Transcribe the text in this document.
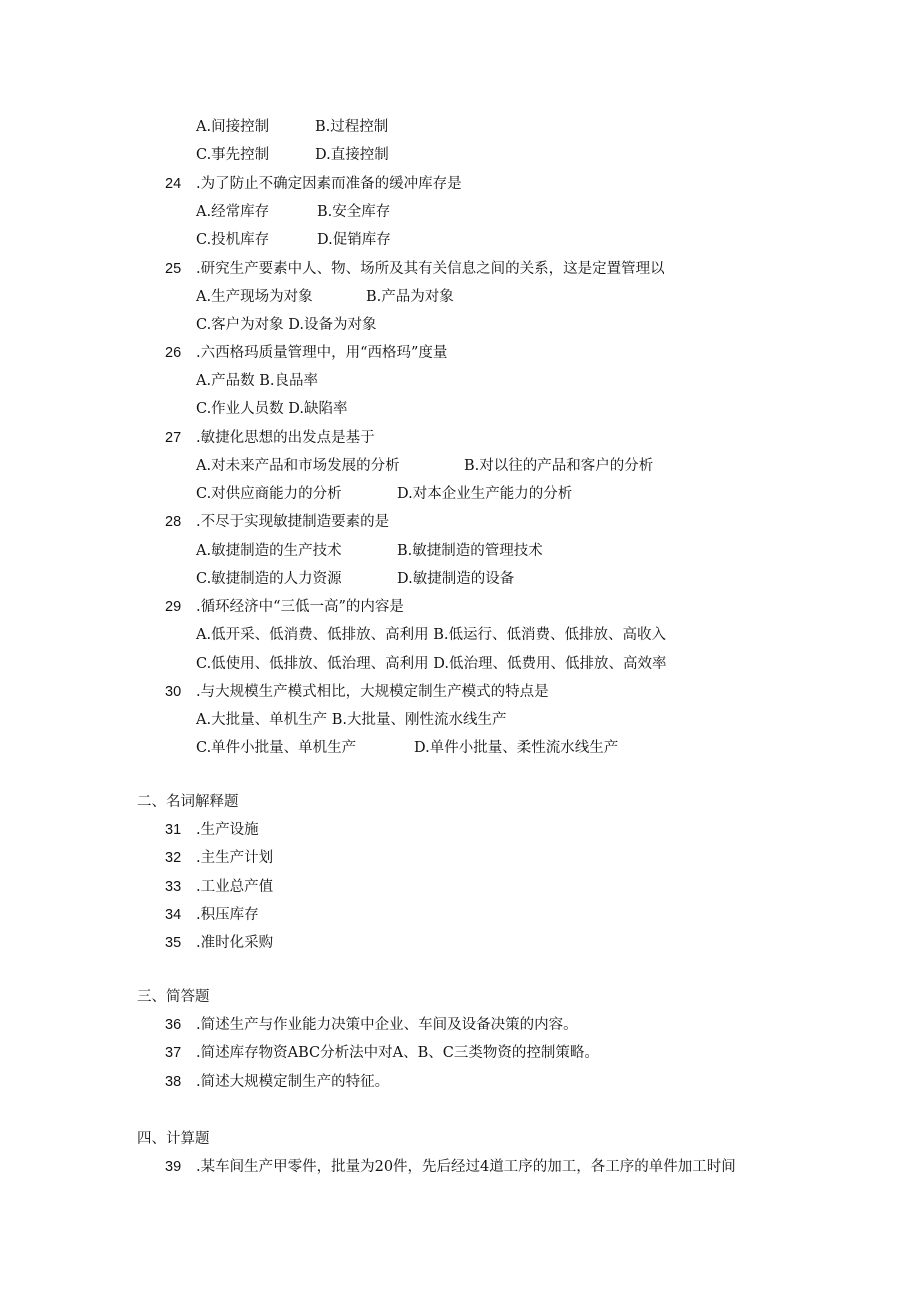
A.间接控制	B.过程控制
C.事先控制	D.直接控制
24 .为了防止不确定因素而准备的缓冲库存是
A.经常库存	B.安全库存
C.投机库存	D.促销库存
25 .研究生产要素中人、物、场所及其有关信息之间的关系，这是定置管理以
A.生产现场为对象	B.产品为对象
C.客户为对象 D.设备为对象
26 .六西格玛质量管理中，用“西格玛”度量
A.产品数 B.良品率
C.作业人员数 D.缺陷率
27 .敏捷化思想的出发点是基于
A.对未来产品和市场发展的分析	B.对以往的产品和客户的分析
C.对供应商能力的分析	D.对本企业生产能力的分析
28 .不尽于实现敏捷制造要素的是
A.敏捷制造的生产技术	B.敏捷制造的管理技术
C.敏捷制造的人力资源	D.敏捷制造的设备
29 .循环经济中“三低一高”的内容是
A.低开采、低消费、低排放、高利用 B.低运行、低消费、低排放、高收入
C.低使用、低排放、低治理、高利用 D.低治理、低费用、低排放、高效率
30 .与大规模生产模式相比，大规模定制生产模式的特点是
A.大批量、单机生产 B.大批量、刚性流水线生产
C.单件小批量、单机生产	D.单件小批量、柔性流水线生产
二、名词解释题
31 .生产设施
32 .主生产计划
33 .工业总产值
34 .积压库存
35 .准时化采购
三、简答题
36 .简述生产与作业能力决策中企业、车间及设备决策的内容。
37 .简述库存物资ABC分析法中对A、B、C三类物资的控制策略。
38 .简述大规模定制生产的特征。
四、计算题
39 .某车间生产甲零件，批量为20件，先后经过4道工序的加工，各工序的单件加工时间
